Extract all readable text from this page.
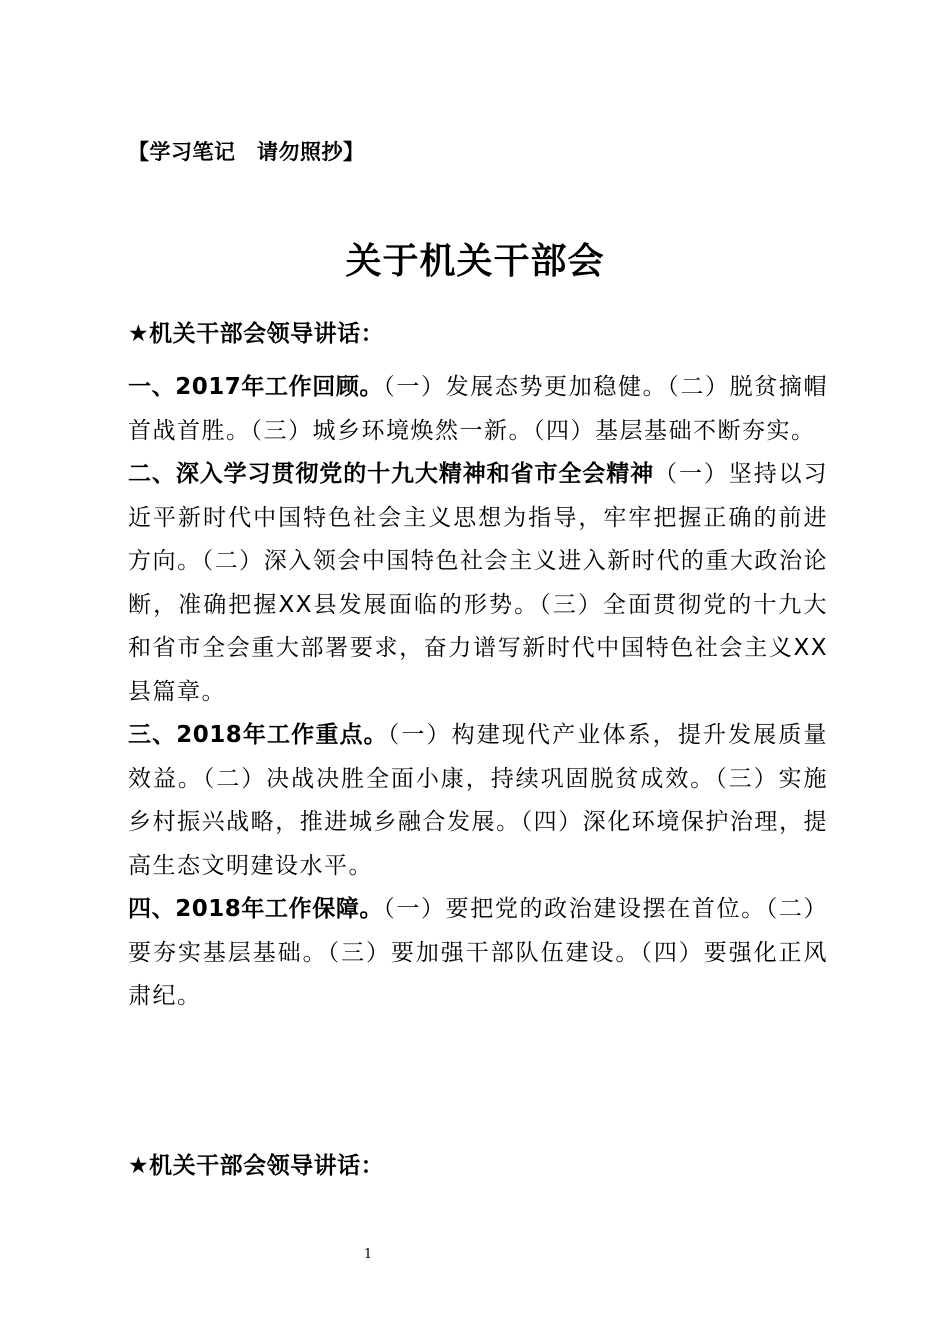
【学习笔记　请勿照抄】
关于机关干部会
★机关干部会领导讲话：

一、2017年工作回顾。（一）发展态势更加稳健。（二）脱贫摘帽首战首胜。（三）城乡环境焕然一新。（四）基层基础不断夯实。

二、深入学习贯彻党的十九大精神和省市全会精神（一）坚持以习近平新时代中国特色社会主义思想为指导，牢牢把握正确的前进方向。（二）深入领会中国特色社会主义进入新时代的重大政治论断，准确把握XX县发展面临的形势。（三）全面贯彻党的十九大和省市全会重大部署要求，奋力谱写新时代中国特色社会主义XX县篇章。

三、2018年工作重点。（一）构建现代产业体系，提升发展质量效益。（二）决战决胜全面小康，持续巩固脱贫成效。（三）实施乡村振兴战略，推进城乡融合发展。（四）深化环境保护治理，提高生态文明建设水平。

四、2018年工作保障。（一）要把党的政治建设摆在首位。（二）要夯实基层基础。（三）要加强干部队伍建设。（四）要强化正风肃纪。

★机关干部会领导讲话：
1
